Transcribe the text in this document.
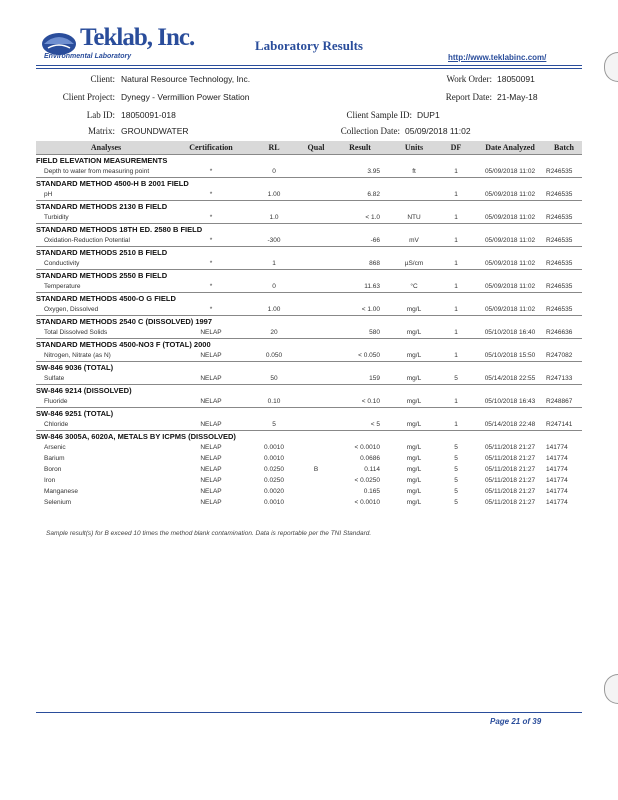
Teklab, Inc.
Environmental Laboratory
Laboratory Results
http://www.teklabinc.com/
Client: Natural Resource Technology, Inc.
Client Project: Dynegy - Vermillion Power Station
Lab ID: 18050091-018
Matrix: GROUNDWATER
Work Order: 18050091
Report Date: 21-May-18
Client Sample ID: DUP1
Collection Date: 05/09/2018 11:02
Analyses	Certification	RL	Qual	Result	Units	DF	Date Analyzed	Batch
FIELD ELEVATION MEASUREMENTS								
Depth to water from measuring point	*	0		3.95	ft	1	05/09/2018 11:02	R246535
STANDARD METHOD 4500-H B 2001 FIELD								
pH	*	1.00		6.82		1	05/09/2018 11:02	R246535
STANDARD METHODS 2130 B FIELD								
Turbidity	*	1.0		< 1.0	NTU	1	05/09/2018 11:02	R246535
STANDARD METHODS 18TH ED. 2580 B FIELD								
Oxidation-Reduction Potential	*	-300		-66	mV	1	05/09/2018 11:02	R246535
STANDARD METHODS 2510 B FIELD								
Conductivity	*	1		868	µS/cm	1	05/09/2018 11:02	R246535
STANDARD METHODS 2550 B FIELD								
Temperature	*	0		11.63	°C	1	05/09/2018 11:02	R246535
STANDARD METHODS 4500-O G FIELD								
Oxygen, Dissolved	*	1.00		< 1.00	mg/L	1	05/09/2018 11:02	R246535
STANDARD METHODS 2540 C (DISSOLVED) 1997								
Total Dissolved Solids	NELAP	20		580	mg/L	1	05/10/2018 16:40	R246636
STANDARD METHODS 4500-NO3 F (TOTAL) 2000								
Nitrogen, Nitrate (as N)	NELAP	0.050		< 0.050	mg/L	1	05/10/2018 15:50	R247082
SW-846 9036 (TOTAL)								
Sulfate	NELAP	50		159	mg/L	5	05/14/2018 22:55	R247133
SW-846 9214 (DISSOLVED)								
Fluoride	NELAP	0.10		< 0.10	mg/L	1	05/10/2018 16:43	R248867
SW-846 9251 (TOTAL)								
Chloride	NELAP	5		< 5	mg/L	1	05/14/2018 22:48	R247141
SW-846 3005A, 6020A, METALS BY ICPMS (DISSOLVED)								
Arsenic	NELAP	0.0010		< 0.0010	mg/L	5	05/11/2018 21:27	141774
Barium	NELAP	0.0010		0.0686	mg/L	5	05/11/2018 21:27	141774
Boron	NELAP	0.0250	B	0.114	mg/L	5	05/11/2018 21:27	141774
Iron	NELAP	0.0250		< 0.0250	mg/L	5	05/11/2018 21:27	141774
Manganese	NELAP	0.0020		0.165	mg/L	5	05/11/2018 21:27	141774
Selenium	NELAP	0.0010		< 0.0010	mg/L	5	05/11/2018 21:27	141774
Sample result(s) for B exceed 10 times the method blank contamination. Data is reportable per the TNI Standard.
Page 21 of 39
